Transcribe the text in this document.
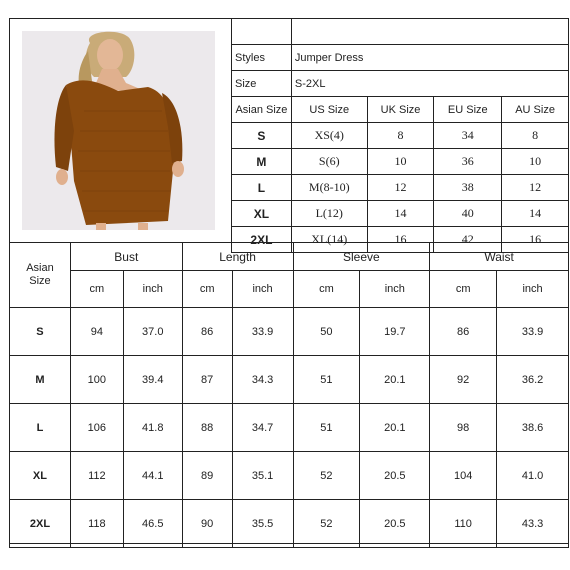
Styles	Jumper Dress			
Size	S-2XL			
Asian Size	US Size	UK Size	EU Size	AU Size
S	XS(4)	8	34	8
M	S(6)	10	36	10
L	M(8-10)	12	38	12
XL	L(12)	14	40	14
2XL	XL(14)	16	42	16
Asian
Size	Bust		Length		Sleeve		Waist	
	cm	inch	cm	inch	cm	inch	cm	inch
S	94	37.0	86	33.9	50	19.7	86	33.9
M	100	39.4	87	34.3	51	20.1	92	36.2
L	106	41.8	88	34.7	51	20.1	98	38.6
XL	112	44.1	89	35.1	52	20.5	104	41.0
2XL	118	46.5	90	35.5	52	20.5	110	43.3
